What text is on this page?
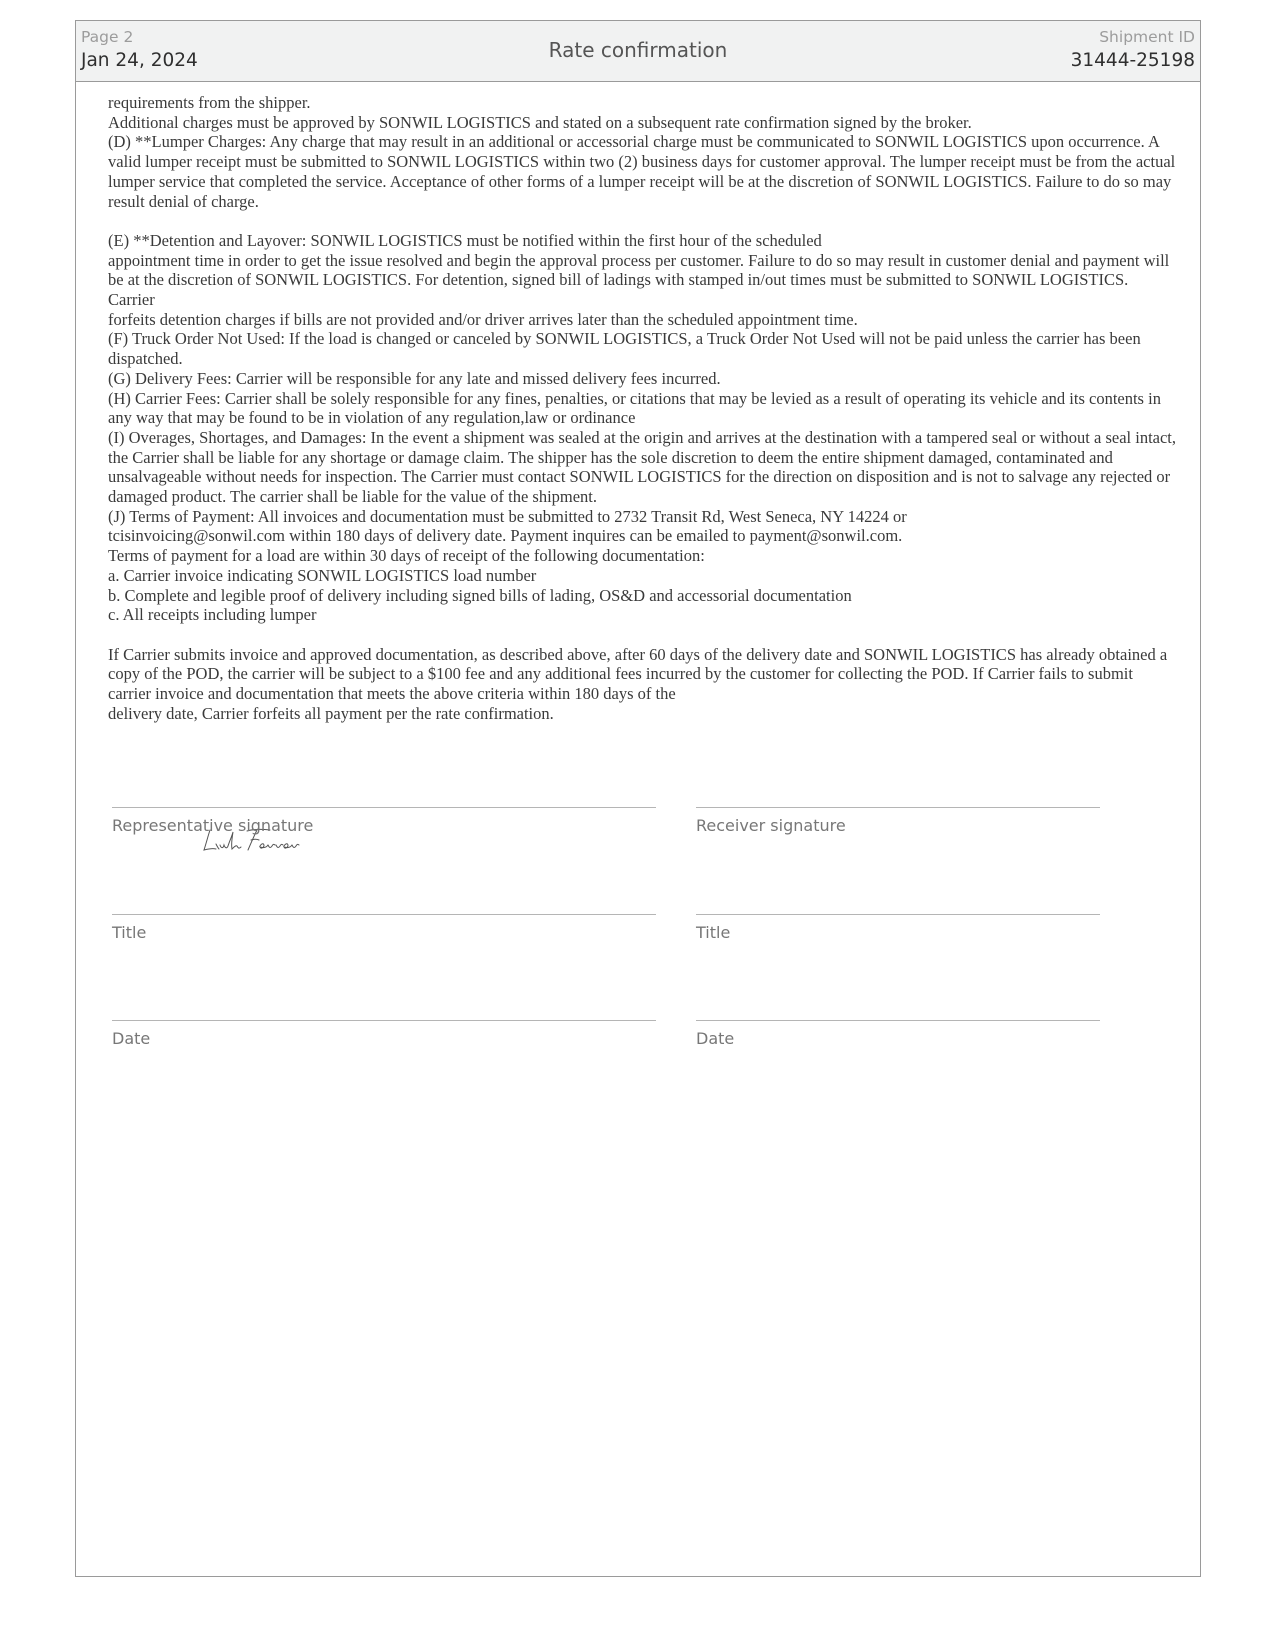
Page 2
Jan 24, 2024	Rate confirmation
Shipment ID
31444-25198
requirements from the shipper.
Additional charges must be approved by SONWIL LOGISTICS and stated on a subsequent rate confirmation signed by the broker.
(D) **Lumper Charges: Any charge that may result in an additional or accessorial charge must be communicated to SONWIL LOGISTICS upon occurrence. A valid lumper receipt must be submitted to SONWIL LOGISTICS within two (2) business days for customer approval. The lumper receipt must be from the actual lumper service that completed the service. Acceptance of other forms of a lumper receipt will be at the discretion of SONWIL LOGISTICS. Failure to do so may result denial of charge.

(E) **Detention and Layover: SONWIL LOGISTICS must be notified within the first hour of the scheduled
appointment time in order to get the issue resolved and begin the approval process per customer. Failure to do so may result in customer denial and payment will be at the discretion of SONWIL LOGISTICS. For detention, signed bill of ladings with stamped in/out times must be submitted to SONWIL LOGISTICS. Carrier
forfeits detention charges if bills are not provided and/or driver arrives later than the scheduled appointment time.
(F) Truck Order Not Used: If the load is changed or canceled by SONWIL LOGISTICS, a Truck Order Not Used will not be paid unless the carrier has been dispatched.
(G) Delivery Fees: Carrier will be responsible for any late and missed delivery fees incurred.
(H) Carrier Fees: Carrier shall be solely responsible for any fines, penalties, or citations that may be levied as a result of operating its vehicle and its contents in any way that may be found to be in violation of any regulation,law or ordinance
(I) Overages, Shortages, and Damages: In the event a shipment was sealed at the origin and arrives at the destination with a tampered seal or without a seal intact, the Carrier shall be liable for any shortage or damage claim. The shipper has the sole discretion to deem the entire shipment damaged, contaminated and
unsalvageable without needs for inspection. The Carrier must contact SONWIL LOGISTICS for the direction on disposition and is not to salvage any rejected or damaged product. The carrier shall be liable for the value of the shipment.
(J) Terms of Payment: All invoices and documentation must be submitted to 2732 Transit Rd, West Seneca, NY 14224 or
tcisinvoicing@sonwil.com within 180 days of delivery date. Payment inquires can be emailed to payment@sonwil.com.
Terms of payment for a load are within 30 days of receipt of the following documentation:
a. Carrier invoice indicating SONWIL LOGISTICS load number
b. Complete and legible proof of delivery including signed bills of lading, OS&D and accessorial documentation
c. All receipts including lumper

If Carrier submits invoice and approved documentation, as described above, after 60 days of the delivery date and SONWIL LOGISTICS has already obtained a copy of the POD, the carrier will be subject to a $100 fee and any additional fees incurred by the customer for collecting the POD. If Carrier fails to submit carrier invoice and documentation that meets the above criteria within 180 days of the
delivery date, Carrier forfeits all payment per the rate confirmation.
Representative signature	Receiver signature
Title	Title
Date	Date
